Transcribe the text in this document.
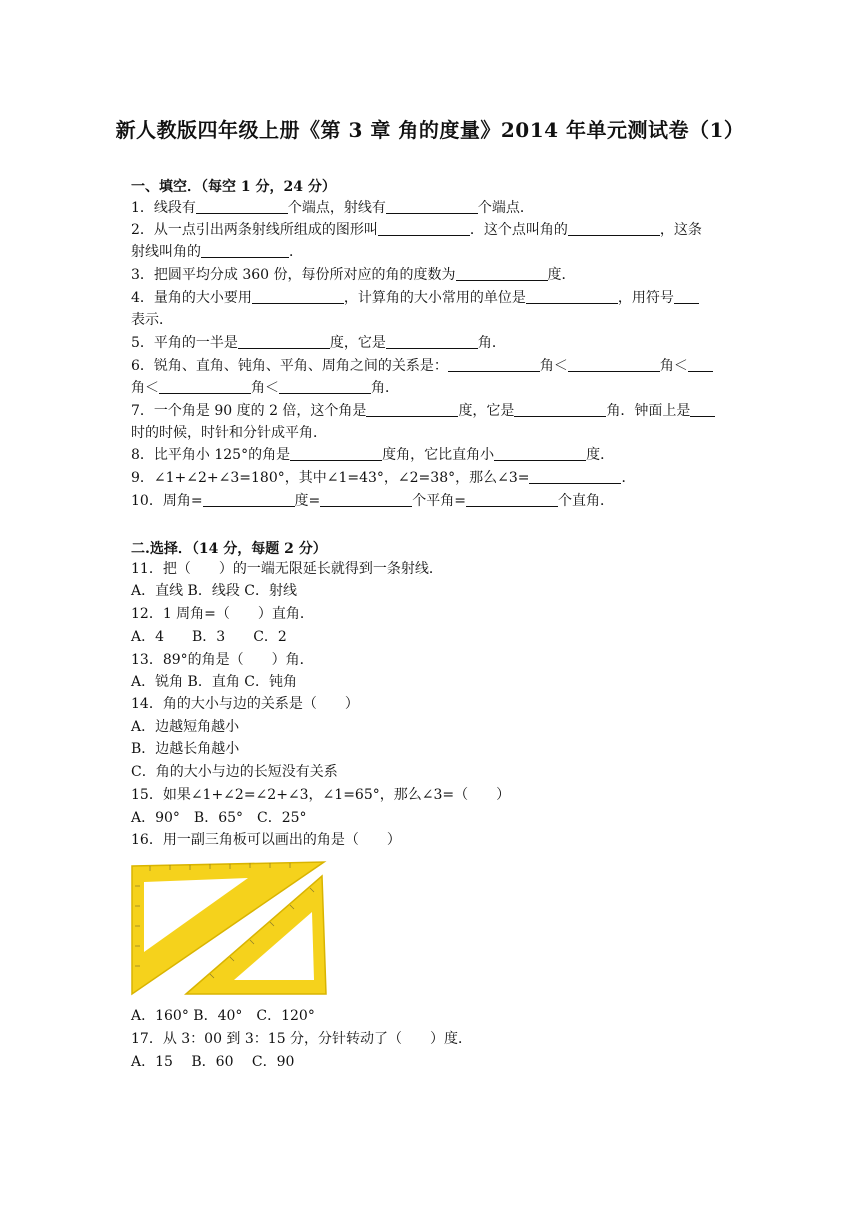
新人教版四年级上册《第 3 章 角的度量》2014 年单元测试卷（1）
一、填空．（每空 1 分，24 分）
1．线段有	个端点，射线有	个端点．
2．从一点引出两条射线所组成的图形叫	．这个点叫角的	，这条
射线叫角的	．
3．把圆平均分成 360 份，每份所对应的角的度数为	度．
4．量角的大小要用	，计算角的大小常用的单位是	，用符号
表示．
5．平角的一半是	度，它是	角．
6．锐角、直角、钝角、平角、周角之间的关系是：	角＜	角＜
角＜	角＜	角．
7．一个角是 90 度的 2 倍，这个角是	度，它是	角．钟面上是
时的时候，时针和分针成平角．
8．比平角小 125°的角是	度角，它比直角小	度．
9．∠1+∠2+∠3=180°，其中∠1=43°，∠2=38°，那么∠3=	．
10．周角=	度=	个平角=	个直角．
二.选择．（14 分，每题 2 分）
11．把（　　）的一端无限延长就得到一条射线．
A．直线 B．线段 C．射线
12．1 周角=（　　）直角．
A．4　　B．3　　C．2
13．89°的角是（　　）角．
A．锐角 B．直角 C．钝角
14．角的大小与边的关系是（　　）
A．边越短角越小
B．边越长角越小
C．角的大小与边的长短没有关系
15．如果∠1+∠2=∠2+∠3，∠1=65°，那么∠3=（　　）
A．90°　B．65°　C．25°
16．用一副三角板可以画出的角是（　　）
A．160° B．40°　C．120°
17．从 3：00 到 3：15 分，分针转动了（　　）度．
A．15　 B．60　 C．90
